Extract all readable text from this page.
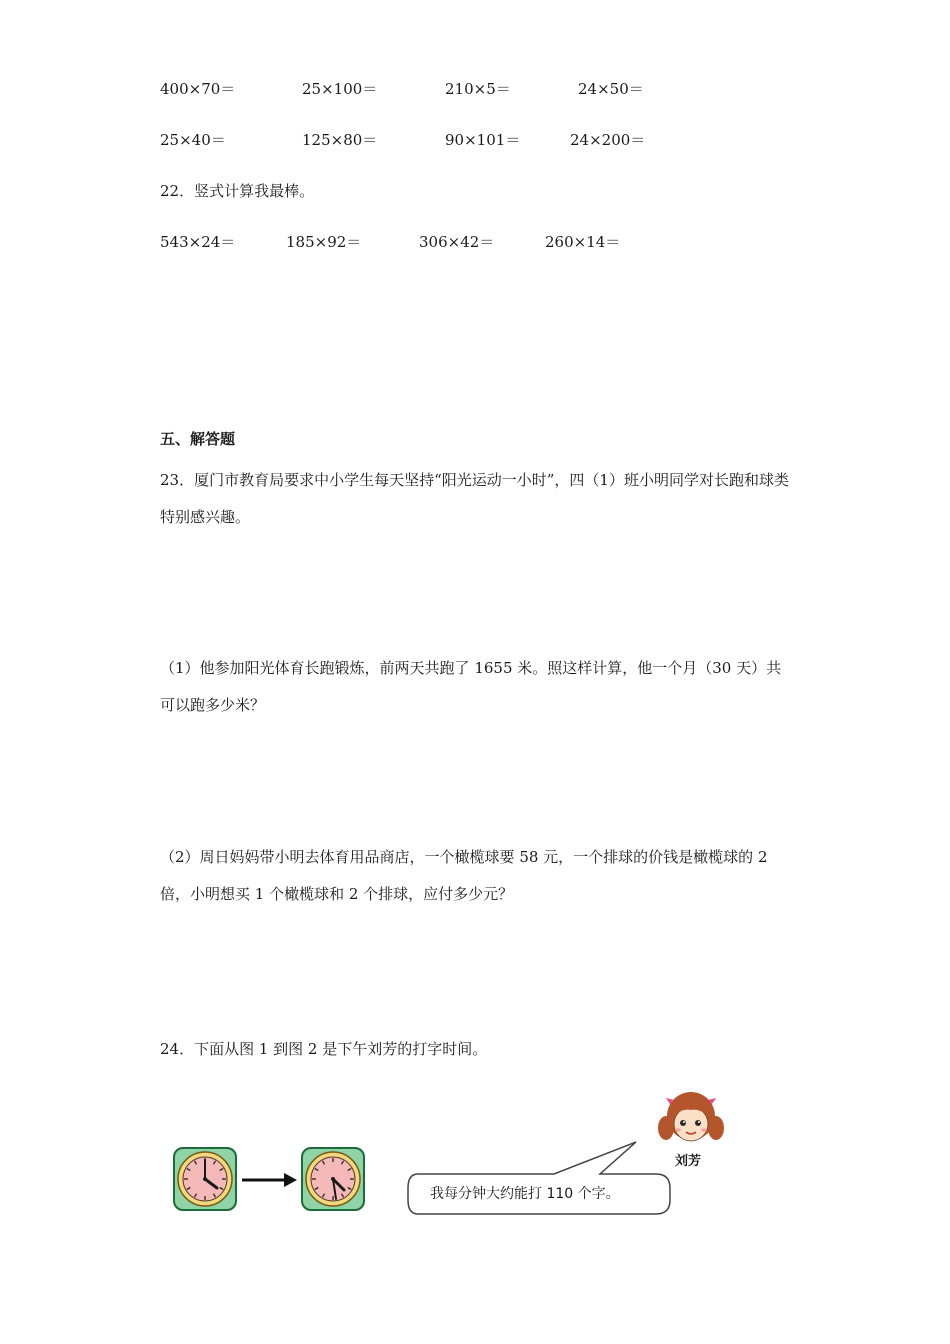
400×70＝	25×100＝	210×5＝	24×50＝
25×40＝	125×80＝	90×101＝	24×200＝
22．竖式计算我最棒。
543×24＝	185×92＝	306×42＝	260×14＝
五、解答题
23．厦门市教育局要求中小学生每天坚持“阳光运动一小时”，四（1）班小明同学对长跑和球类特别感兴趣。
（1）他参加阳光体育长跑锻炼，前两天共跑了 1655 米。照这样计算，他一个月（30 天）共可以跑多少米？
（2）周日妈妈带小明去体育用品商店，一个橄榄球要 58 元，一个排球的价钱是橄榄球的 2 倍，小明想买 1 个橄榄球和 2 个排球，应付多少元？
24．下面从图 1 到图 2 是下午刘芳的打字时间。
我每分钟大约能打 110 个字。
刘芳
